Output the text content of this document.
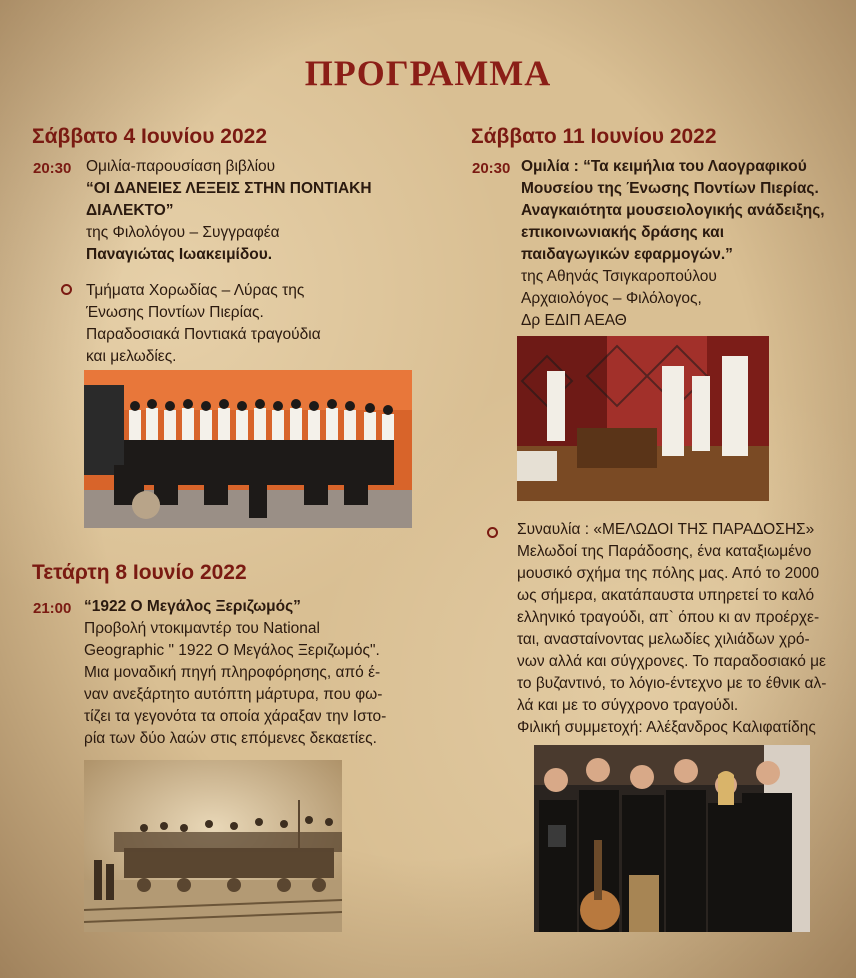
ΠΡΟΓΡΑΜΜΑ
Σάββατο 4 Ιουνίου 2022
20:30 Ομιλία-παρουσίαση βιβλίου
“ΟΙ ΔΑΝΕΙΕΣ ΛΕΞΕΙΣ ΣΤΗΝ ΠΟΝΤΙΑΚΗ
ΔΙΑΛΕΚΤΟ”
της Φιλολόγου – Συγγραφέα
Παναγιώτας Ιωακειμίδου.
Τμήματα Χορωδίας – Λύρας της
Ένωσης Ποντίων Πιερίας.
Παραδοσιακά Ποντιακά τραγούδια
και μελωδίες.
Τετάρτη 8 Ιουνίο 2022
21:00 “1922 Ο Μεγάλος Ξεριζωμός”
Προβολή ντοκιμαντέρ του National
Geographic " 1922 Ο Μεγάλος Ξεριζωμός".
Μια μοναδική πηγή πληροφόρησης, από έ-
ναν ανεξάρτητο αυτόπτη μάρτυρα, που φω-
τίζει τα γεγονότα τα οποία χάραξαν την Ιστο-
ρία των δύο λαών στις επόμενες δεκαετίες.
Σάββατο 11 Ιουνίου 2022
20:30 Ομιλία : “Τα κειμήλια του Λαογραφικού
Μουσείου της Ένωσης Ποντίων Πιερίας.
Αναγκαιότητα μουσειολογικής ανάδειξης,
επικοινωνιακής δράσης και
παιδαγωγικών εφαρμογών.”
της Αθηνάς Τσιγκαροπούλου
Αρχαιολόγος – Φιλόλογος,
Δρ ΕΔΙΠ ΑΕΑΘ
Συναυλία : «ΜΕΛΩΔΟΙ ΤΗΣ ΠΑΡΑΔΟΣΗΣ»
Μελωδοί της Παράδοσης, ένα καταξιωμένο
μουσικό σχήμα της πόλης μας. Από το 2000
ως σήμερα, ακατάπαυστα υπηρετεί το καλό
ελληνικό τραγούδι, απ` όπου κι αν προέρχε-
ται, ανασταίνοντας μελωδίες χιλιάδων χρό-
νων αλλά και σύγχρονες. Το παραδοσιακό με
το βυζαντινό, το λόγιο-έντεχνο με το έθνικ αλ-
λά και με το σύγχρονο τραγούδι.
Φιλική συμμετοχή: Αλέξανδρος Καλιφατίδης
